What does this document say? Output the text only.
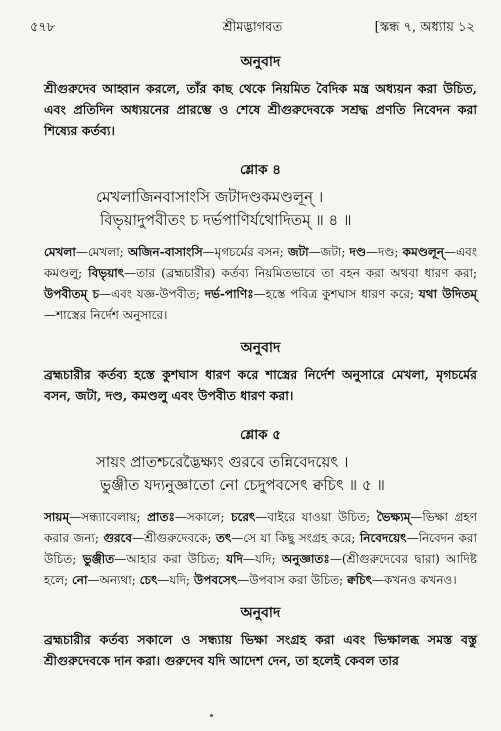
৫৭৮	শ্রীমদ্ভাগবত	[স্কন্ধ ৭, অধ্যায় ১২
অনুবাদ

শ্রীগুরুদেব আহ্বান করলে, তাঁর কাছ থেকে নিয়মিত বৈদিক মন্ত্র অধ্যয়ন করা উচিত, এবং প্রতিদিন অধ্যয়নের প্রারম্ভে ও শেষে শ্রীগুরুদেবকে সশ্রদ্ধ প্রণতি নিবেদন করা শিষ্যের কর্তব্য।

শ্লোক ৪

মেখলাজিনবাসাংসি জটাদণ্ডকমণ্ডলূন্ ।

বিভৃয়াদুপবীতং চ দর্ভপাণির্যথোদিতম্ ॥ ৪ ॥

মেখলা—মেখলা; অজিন-বাসাংসি—মৃগচর্মের বসন; জটা—জটা; দণ্ড—দণ্ড; কমণ্ডলূন্—এবং কমণ্ডলু; বিভৃয়াৎ—তার (ব্রহ্মচারীর) কর্তব্য নিয়মিতভাবে তা বহন করা অথবা ধারণ করা; উপবীতম্ চ—এবং যজ্ঞ-উপবীত; দর্ভ-পাণিঃ—হস্তে পবিত্র কুশঘাস ধারণ করে; যথা উদিতম্—শাস্ত্রের নির্দেশ অনুসারে।

অনুবাদ

ব্রহ্মচারীর কর্তব্য হস্তে কুশঘাস ধারণ করে শাস্ত্রের নির্দেশ অনুসারে মেখলা, মৃগচর্মের বসন, জটা, দণ্ড, কমণ্ডলু এবং উপবীত ধারণ করা।

শ্লোক ৫

সায়ং প্রাতশ্চরেদ্ভৈক্ষ্যং গুরবে তন্নিবেদয়েৎ ।

ভুঞ্জীত যদ্যনুজ্ঞাতো নো চেদুপবসেৎ ক্বচিৎ ॥ ৫ ॥

সায়ম্—সন্ধ্যাবেলায়; প্রাতঃ—সকালে; চরেৎ—বাইরে যাওয়া উচিত; ভৈক্ষ্যম্—ভিক্ষা গ্রহণ করার জন্য; গুরবে—শ্রীগুরুদেবকে; তৎ—সে যা কিছু সংগ্রহ করে; নিবেদয়েৎ—নিবেদন করা উচিত; ভুঞ্জীত—আহার করা উচিত; যদি—যদি; অনুজ্ঞাতঃ—(শ্রীগুরুদেবের দ্বারা) আদিষ্ট হলে; নো—অন্যথা; চেৎ—যদি; উপবসেৎ—উপবাস করা উচিত; ক্বচিৎ—কখনও কখনও।

অনুবাদ

ব্রহ্মচারীর কর্তব্য সকালে ও সন্ধ্যায় ভিক্ষা সংগ্রহ করা এবং ভিক্ষালব্ধ সমস্ত বস্তু শ্রীগুরুদেবকে দান করা। গুরুদেব যদি আদেশ দেন, তা হলেই কেবল তার
